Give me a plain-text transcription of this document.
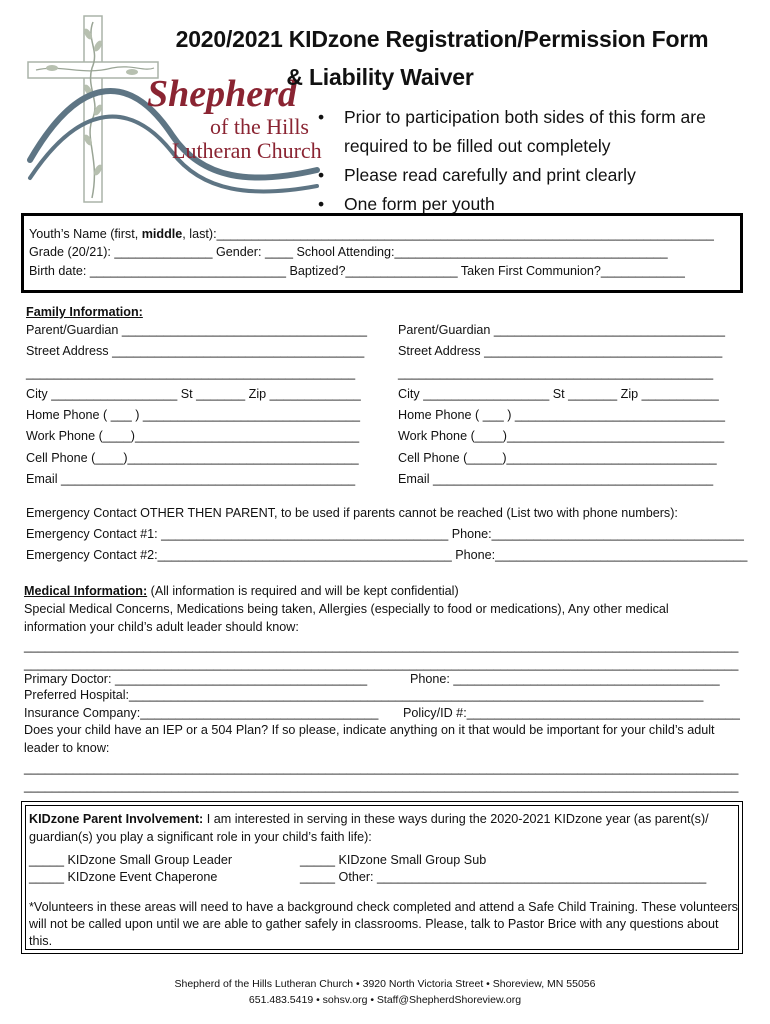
Shepherd
of the Hills
Lutheran Church
2020/2021 KIDzone Registration/Permission Form
& Liability Waiver
• Prior to participation both sides of this form are
required to be filled out completely
• Please read carefully and print clearly
• One form per youth
Youth’s Name (first, middle, last):_______________________________________________________________________
Grade (20/21): ______________ Gender: ____ School Attending:_______________________________________
Birth date: ____________________________ Baptized?________________ Taken First Communion?____________
Family Information:
Parent/Guardian ___________________________________
Street Address ____________________________________
_______________________________________________
City __________________ St _______ Zip _____________
Home Phone ( ___ ) _______________________________
Work Phone (____)________________________________
Cell Phone (____)_________________________________
Email __________________________________________
Parent/Guardian _________________________________
Street Address __________________________________
_____________________________________________
City __________________ St _______ Zip ___________
Home Phone ( ___ ) ______________________________
Work Phone (____)_______________________________
Cell Phone (_____)______________________________
Email ________________________________________
Emergency Contact OTHER THEN PARENT, to be used if parents cannot be reached (List two with phone numbers):
Emergency Contact #1: _________________________________________ Phone:____________________________________
Emergency Contact #2:__________________________________________ Phone:____________________________________
Medical Information: (All information is required and will be kept confidential)
Special Medical Concerns, Medications being taken, Allergies (especially to food or medications), Any other medical
information your child’s adult leader should know:
______________________________________________________________________________________________________
______________________________________________________________________________________________________
Primary Doctor: ____________________________________	Phone: ______________________________________
Preferred Hospital:__________________________________________________________________________________
Insurance Company:__________________________________ Policy/ID #:_______________________________________
Does your child have an IEP or a 504 Plan? If so please, indicate anything on it that would be important for your child’s adult
leader to know:
______________________________________________________________________________________________________
______________________________________________________________________________________________________
KIDzone Parent Involvement: I am interested in serving in these ways during the 2020-2021 KIDzone year (as parent(s)/
guardian(s) you play a significant role in your child’s faith life):
_____ KIDzone Small Group Leader
_____ KIDzone Event Chaperone
_____ KIDzone Small Group Sub
_____ Other: _______________________________________________
*Volunteers in these areas will need to have a background check completed and attend a Safe Child Training. These volunteers
will not be called upon until we are able to gather safely in classrooms. Please, talk to Pastor Brice with any questions about
this.
Shepherd of the Hills Lutheran Church • 3920 North Victoria Street • Shoreview, MN 55056
651.483.5419 • sohsv.org • Staff@ShepherdShoreview.org
